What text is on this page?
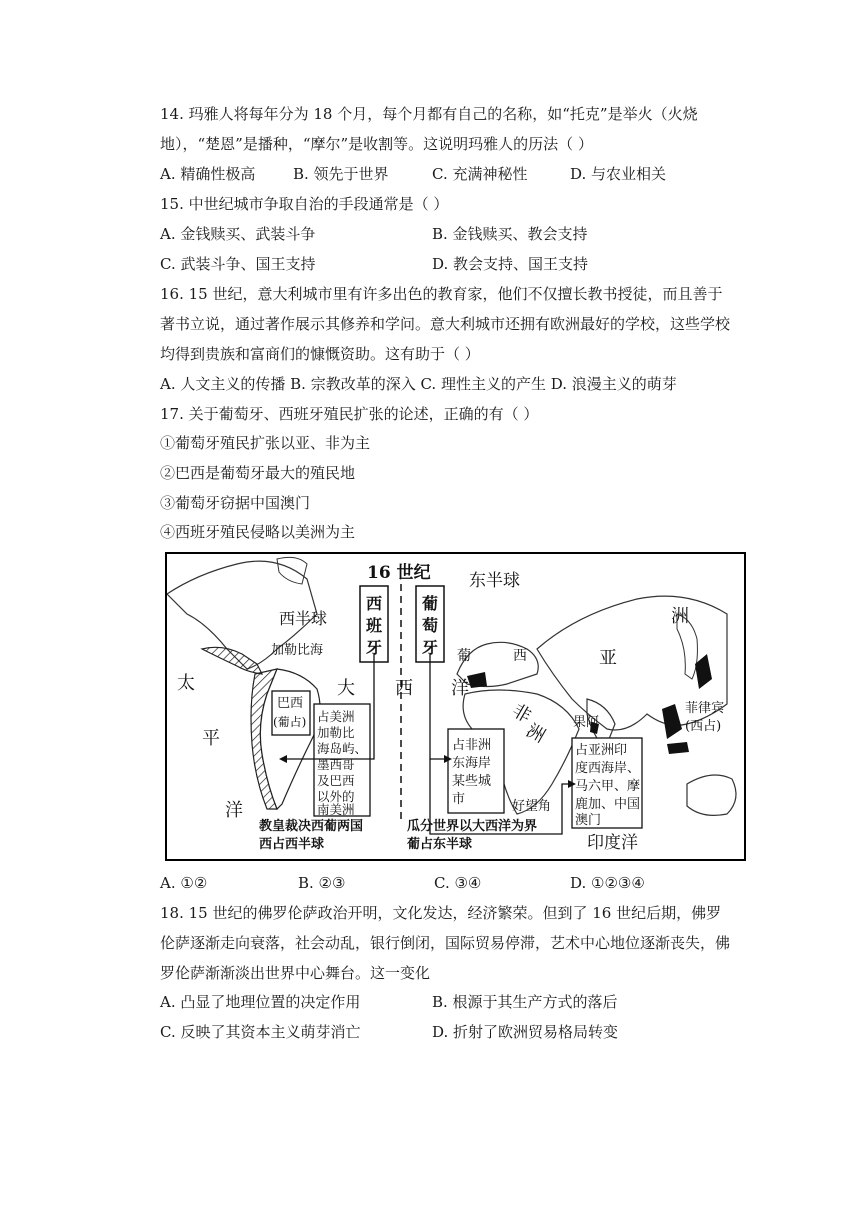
14. 玛雅人将每年分为 18 个月，每个月都有自己的名称，如“托克”是举火（火烧
地），“楚恩”是播种，“摩尔”是收割等。这说明玛雅人的历法（ ）
A. 精确性极高	B. 领先于世界	C. 充满神秘性	D. 与农业相关
15. 中世纪城市争取自治的手段通常是（ ）
A. 金钱赎买、武装斗争	B. 金钱赎买、教会支持
C. 武装斗争、国王支持	D. 教会支持、国王支持
16. 15 世纪，意大利城市里有许多出色的教育家，他们不仅擅长教书授徒，而且善于
著书立说，通过著作展示其修养和学问。意大利城市还拥有欧洲最好的学校，这些学校
均得到贵族和富商们的慷慨资助。这有助于（ ）
A. 人文主义的传播 B. 宗教改革的深入 C. 理性主义的产生 D. 浪漫主义的萌芽
17. 关于葡萄牙、西班牙殖民扩张的论述，正确的有（ ）
①葡萄牙殖民扩张以亚、非为主
②巴西是葡萄牙最大的殖民地
③葡萄牙窃据中国澳门
④西班牙殖民侵略以美洲为主
16 世纪 东半球
西半球
加勒比海
西
班
牙
葡
萄
牙
太
平
洋
大 西 洋
巴西
(葡占) 占美洲
加勒比
海岛屿、
墨西哥
及巴西
以外的
南美洲
占非洲
东海岸
某些城
市
占亚洲印
度西海岸、
马六甲、摩
鹿加、中国
澳门
葡	西	亚
洲
非
洲 果阿
菲律宾
(西占)
好望角
印度洋
教皇裁决西葡两国
西占西半球
瓜分世界以大西洋为界
葡占东半球
A. ①②	B. ②③	C. ③④	D. ①②③④
18. 15 世纪的佛罗伦萨政治开明，文化发达，经济繁荣。但到了 16 世纪后期，佛罗
伦萨逐渐走向衰落，社会动乱，银行倒闭，国际贸易停滞，艺术中心地位逐渐丧失，佛
罗伦萨渐渐淡出世界中心舞台。这一变化
A. 凸显了地理位置的决定作用	B. 根源于其生产方式的落后
C. 反映了其资本主义萌芽消亡	D. 折射了欧洲贸易格局转变
